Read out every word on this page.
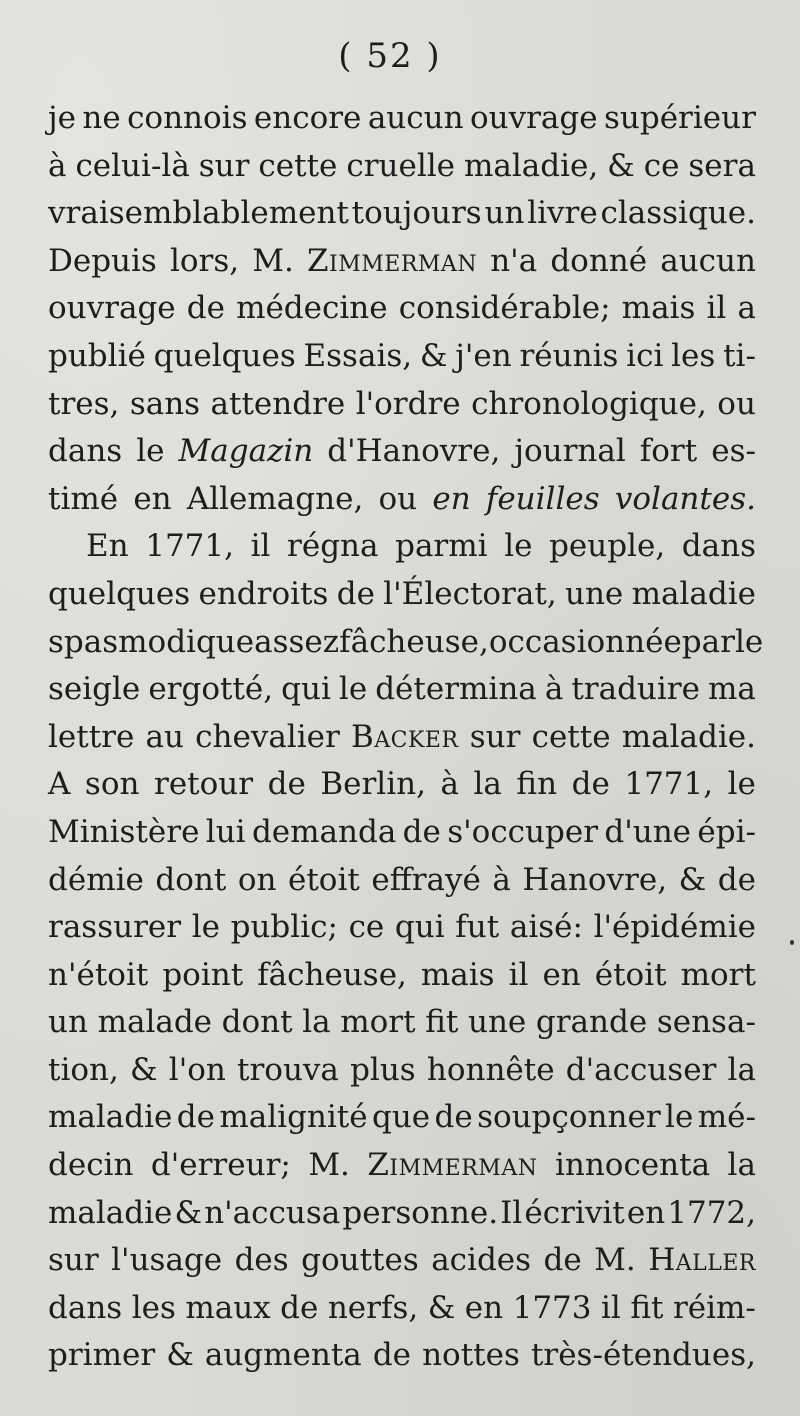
( 52 )
je ne connois encore aucun ouvrage supérieur
à celui-là sur cette cruelle maladie, & ce sera
vraisemblablement toujours un livre classique.
Depuis lors, M. Zimmerman n'a donné aucun
ouvrage de médecine considérable; mais il a
publié quelques Essais, & j'en réunis ici les ti-
tres, sans attendre l'ordre chronologique, ou
dans le Magazin d'Hanovre, journal fort es-
timé en Allemagne, ou en feuilles volantes.
En 1771, il régna parmi le peuple, dans
quelques endroits de l'Électorat, une maladie
spasmodique assez fâcheuse, occasionnée par le
seigle ergotté, qui le détermina à traduire ma
lettre au chevalier Backer sur cette maladie.
A son retour de Berlin, à la fin de 1771, le
Ministère lui demanda de s'occuper d'une épi-
démie dont on étoit effrayé à Hanovre, & de
rassurer le public; ce qui fut aisé: l'épidémie
n'étoit point fâcheuse, mais il en étoit mort
un malade dont la mort fit une grande sensa-
tion, & l'on trouva plus honnête d'accuser la
maladie de malignité que de soupçonner le mé-
decin d'erreur; M. Zimmerman innocenta la
maladie & n'accusa personne. Il écrivit en 1772,
sur l'usage des gouttes acides de M. Haller
dans les maux de nerfs, & en 1773 il fit réim-
primer & augmenta de nottes très-étendues,
